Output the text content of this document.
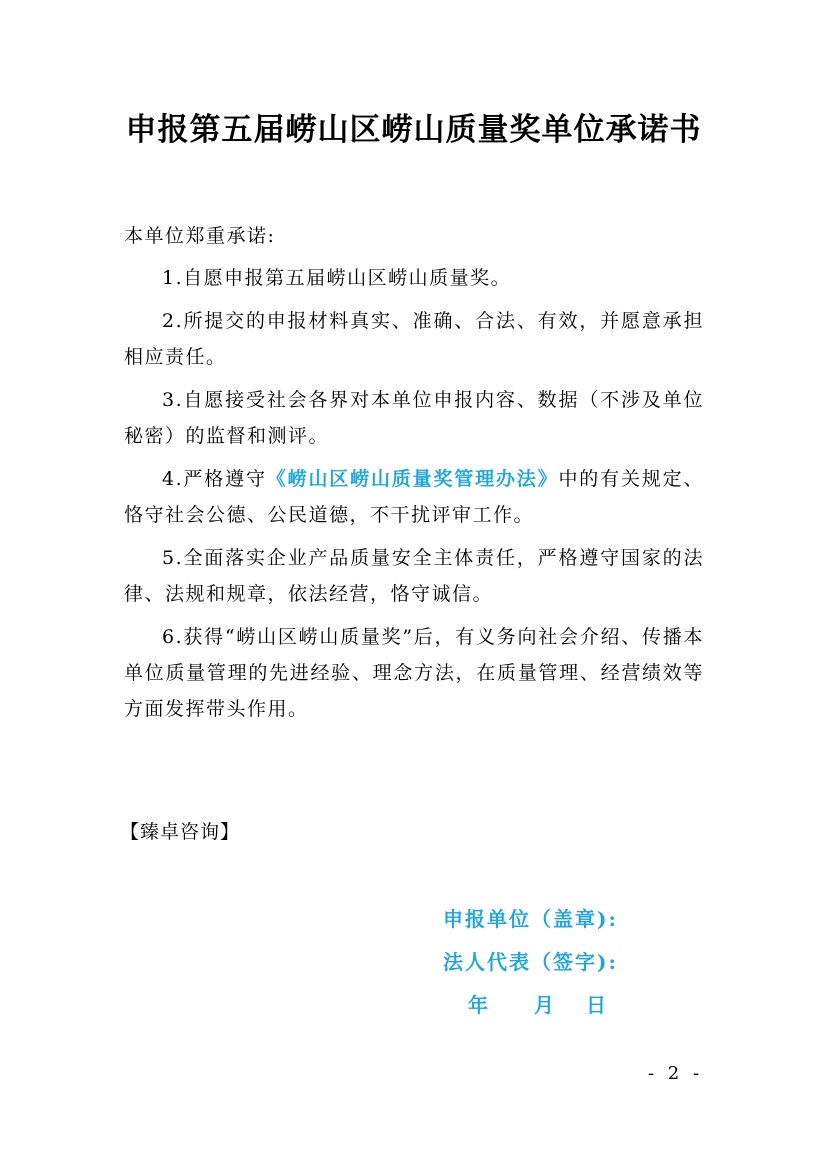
申报第五届崂山区崂山质量奖单位承诺书

本单位郑重承诺:

1.自愿申报第五届崂山区崂山质量奖。

2.所提交的申报材料真实、准确、合法、有效，并愿意承担相应责任。

3.自愿接受社会各界对本单位申报内容、数据（不涉及单位秘密）的监督和测评。

4.严格遵守《崂山区崂山质量奖管理办法》中的有关规定、恪守社会公德、公民道德，不干扰评审工作。

5.全面落实企业产品质量安全主体责任，严格遵守国家的法律、法规和规章，依法经营，恪守诚信。

6.获得“崂山区崂山质量奖”后，有义务向社会介绍、传播本单位质量管理的先进经验、理念方法，在质量管理、经营绩效等方面发挥带头作用。

【臻卓咨询】
申报单位（盖章):
法人代表（签字):
年 月 日
- 2 -
